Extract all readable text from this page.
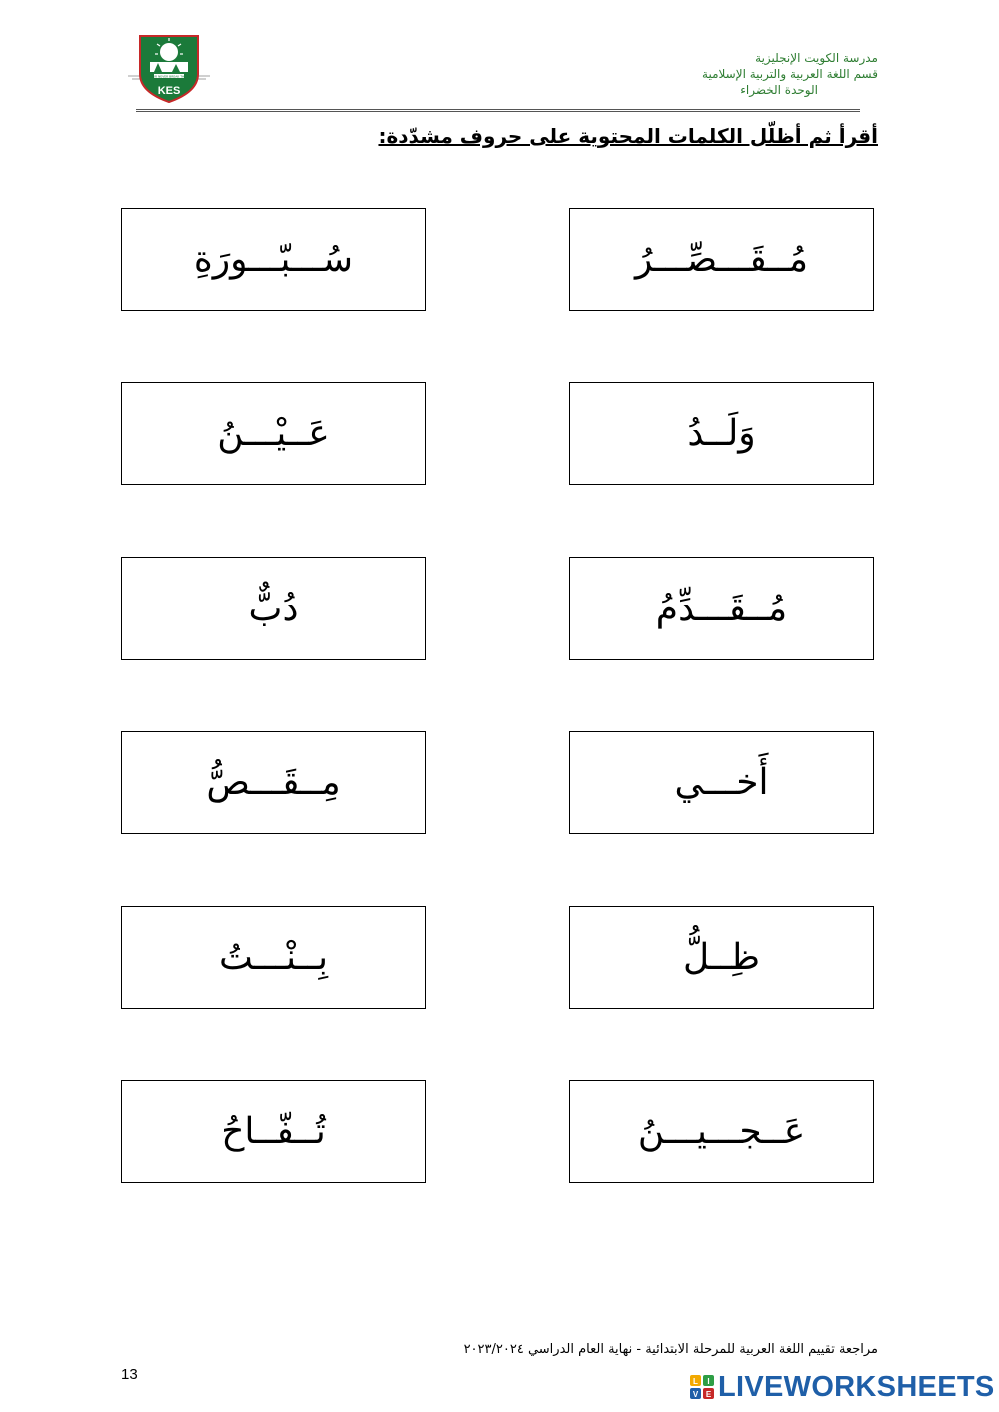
THE FUR NEVER BREAK THE LINE
KES
مدرسة الكويت الإنجليزية
قسم اللغة العربية والتربية الإسلامية
الوحدة الخضراء
أقرأ ثم أظلّل الكلمات المحتوية على حروف مشدّدة:
مُــقَـــصِّـــرُ
سُـــبّـــورَةِ
وَلَــدُ
عَــيْـــنُ
مُــقَـــدِّمُ
دُبٌّ
أَخـــي
مِــقَـــصُّ
ظِــلُّ
بِــنْـــتُ
عَــجـــيـــنُ
تُــفّــاحُ
مراجعة تقييم اللغة العربية للمرحلة الابتدائية - نهاية العام الدراسي ٢٠٢٣/٢٠٢٤
13	L I
V E LIVEWORKSHEETS
